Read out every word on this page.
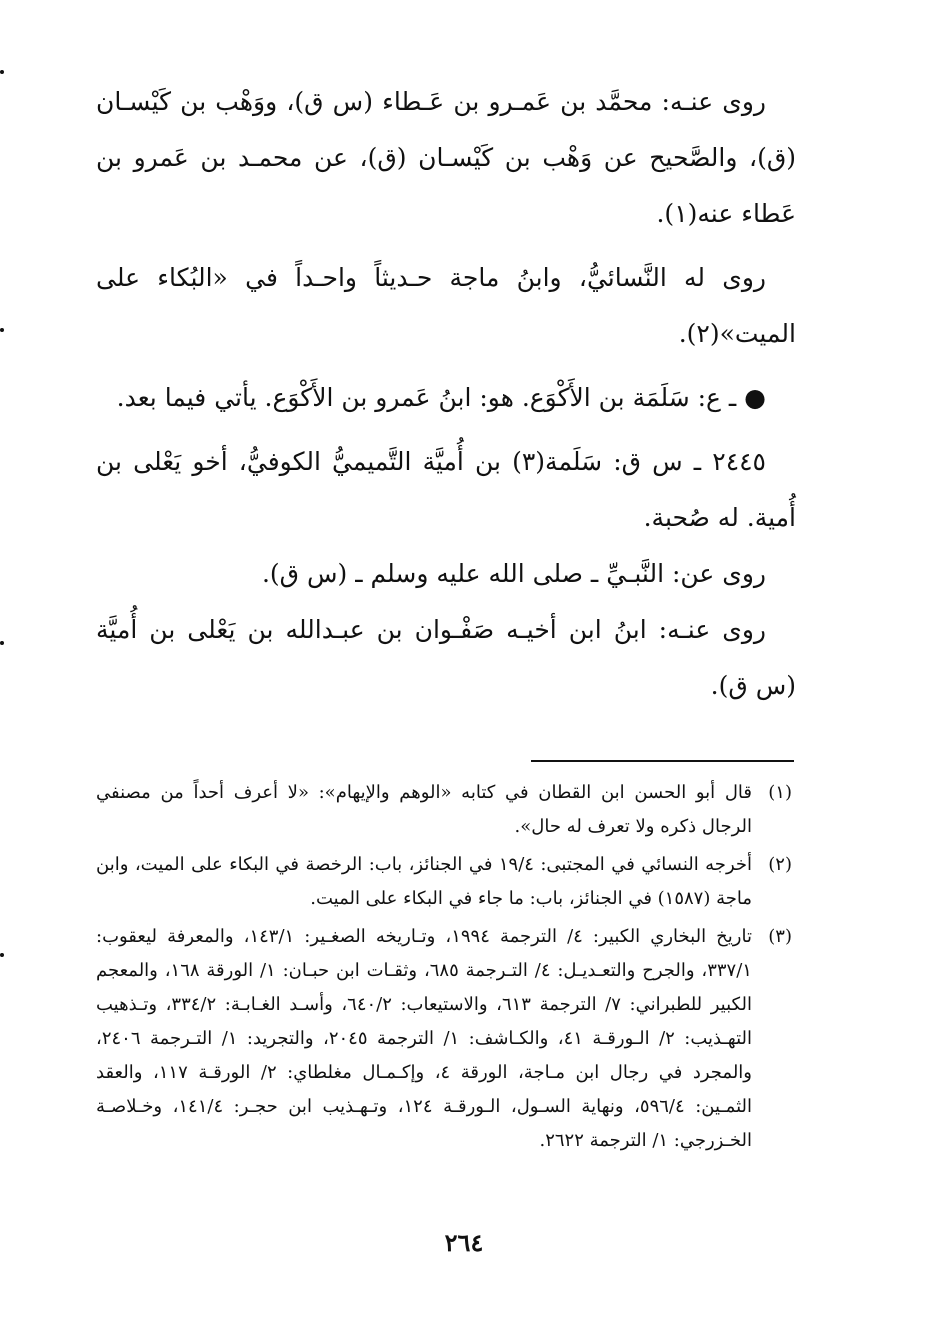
روى عنـه: محمَّد بن عَمـرو بن عَـطاء (س ق)، ووَهْب بن كَيْسـان (ق)، والصَّحيح عن وَهْب بن كَيْسـان (ق)، عن محمـد بن عَمرو بن عَطاء عنه(١).

روى له النَّسائيُّ، وابنُ ماجة حـديثاً واحـداً في «البُكاء على الميت»(٢).

● ـ ع: سَلَمَة بن الأَكْوَع. هو: ابنُ عَمرو بن الأَكْوَع. يأتي فيما بعد.

٢٤٤٥ ـ س ق: سَلَمة(٣) بن أُميَّة التَّميميُّ الكوفيُّ، أخو يَعْلى بن أُمية. له صُحبة.

روى عن: النَّبـيِّ ـ صلى الله عليه وسلم ـ (س ق).

روى عنـه: ابنُ ابن أخيـه صَفْـوان بن عبـدالله بن يَعْلى بن أُميَّة (س ق).

(١)
قال أبو الحسن ابن القطان في كتابه «الوهم والإيهام»: «لا أعرف أحداً من مصنفي الرجال ذكره ولا تعرف له حال».
(٢)
أخرجه النسائي في المجتبى: ١٩/٤ في الجنائز، باب: الرخصة في البكاء على الميت، وابن ماجة (١٥٨٧) في الجنائز، باب: ما جاء في البكاء على الميت.
(٣)
تاريخ البخاري الكبير: ٤/ الترجمة ١٩٩٤، وتـاريخه الصغـير: ١٤٣/١، والمعرفة ليعقوب: ٣٣٧/١، والجرح والتعـديـل: ٤/ التـرجمة ٦٨٥، وثقـات ابن حبـان: ١/ الورقة ١٦٨، والمعجم الكبير للطبراني: ٧/ الترجمة ٦١٣، والاستيعاب: ٦٤٠/٢، وأسـد الغـابـة: ٣٣٤/٢، وتـذهيب التهـذيب: ٢/ الـورقـة ٤١، والكـاشف: ١/ الترجمة ٢٠٤٥، والتجريد: ١/ التـرجمة ٢٤٠٦، والمجرد في رجال ابن مـاجة، الورقة ٤، وإكـمـال مغلطاي: ٢/ الورقـة ١١٧، والعقد الثمـين: ٥٩٦/٤، ونهاية السـول، الـورقـة ١٢٤، وتـهـذيب ابن حجـر: ١٤١/٤، وخـلاصـة الخـزرجي: ١/ الترجمة ٢٦٢٢.
٢٦٤
